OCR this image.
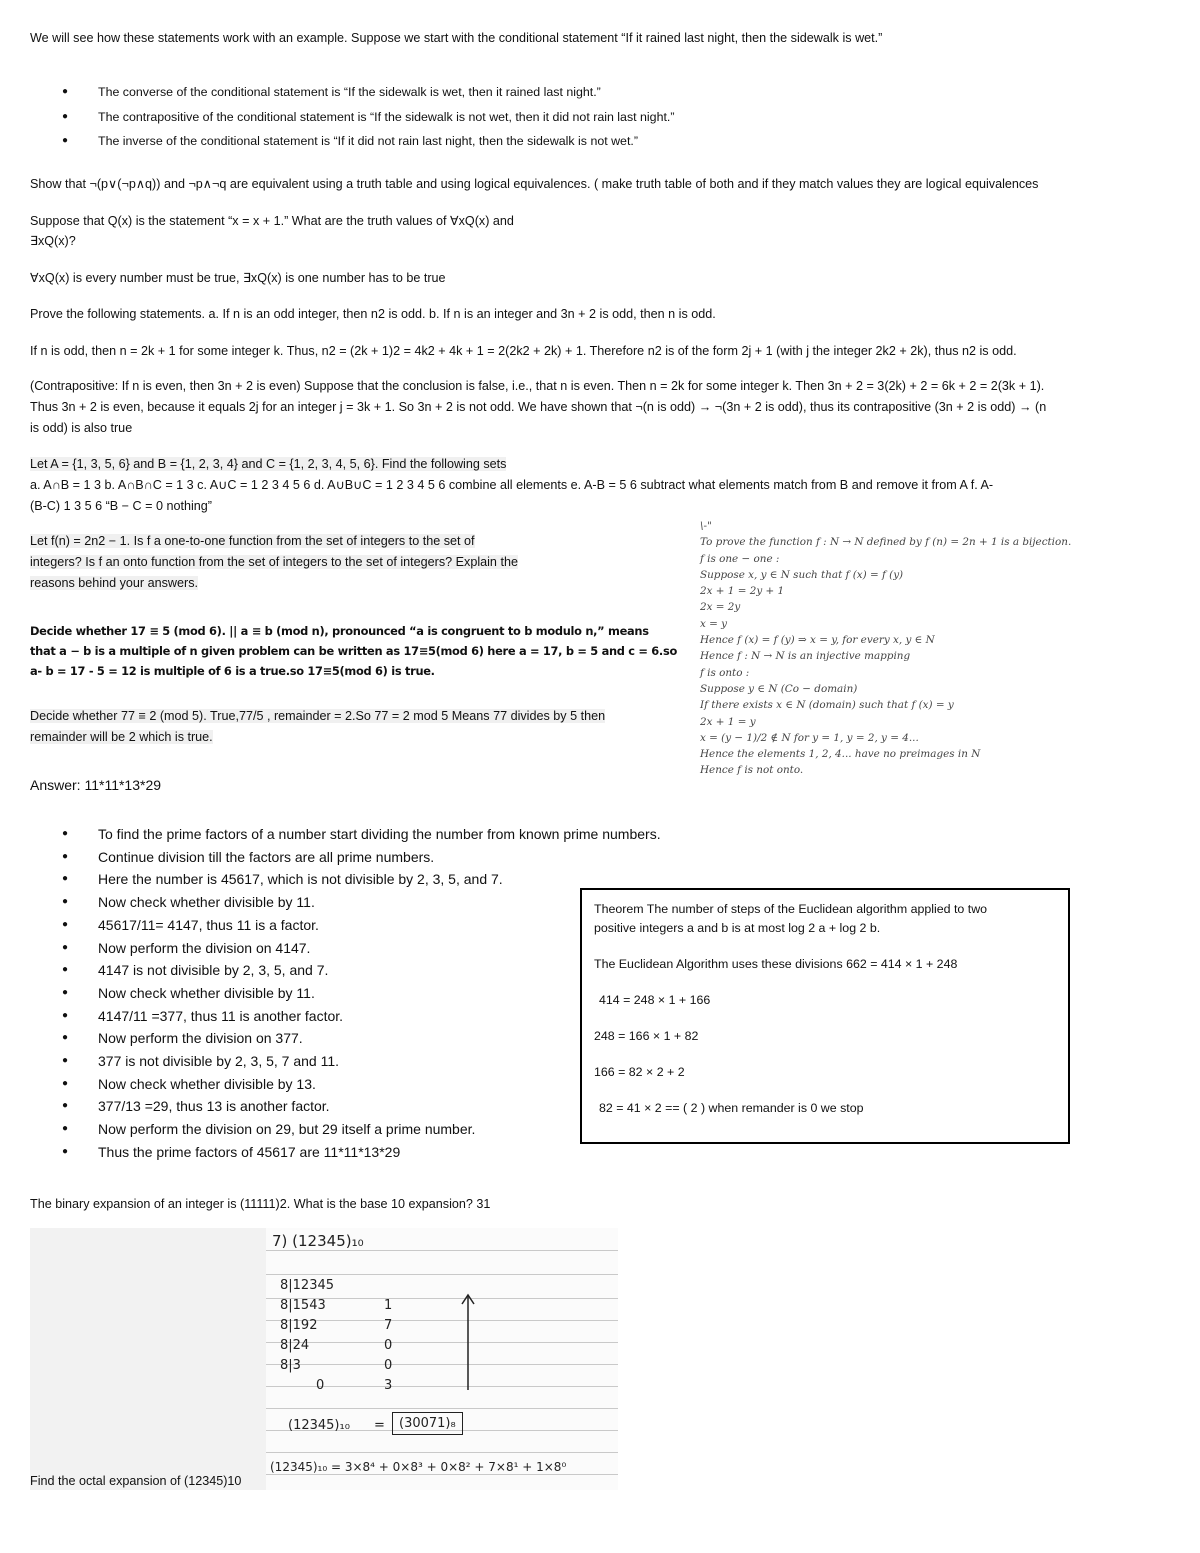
We will see how these statements work with an example. Suppose we start with the conditional statement “If it rained last night, then the sidewalk is wet.”
● The converse of the conditional statement is “If the sidewalk is wet, then it rained last night.”
● The contrapositive of the conditional statement is “If the sidewalk is not wet, then it did not rain last night.”
● The inverse of the conditional statement is “If it did not rain last night, then the sidewalk is not wet.”
Show that ¬(p∨(¬p∧q)) and ¬p∧¬q are equivalent using a truth table and using logical equivalences. ( make truth table of both and if they match values they are logical equivalences
Suppose that Q(x) is the statement “x = x + 1.” What are the truth values of ∀xQ(x) and
∃xQ(x)?
∀xQ(x) is every number must be true, ∃xQ(x) is one number has to be true
Prove the following statements. a. If n is an odd integer, then n2 is odd. b. If n is an integer and 3n + 2 is odd, then n is odd.
If n is odd, then n = 2k + 1 for some integer k. Thus, n2 = (2k + 1)2 = 4k2 + 4k + 1 = 2(2k2 + 2k) + 1. Therefore n2 is of the form 2j + 1 (with j the integer 2k2 + 2k), thus n2 is odd.
(Contrapositive: If n is even, then 3n + 2 is even) Suppose that the conclusion is false, i.e., that n is even. Then n = 2k for some integer k. Then 3n + 2 = 3(2k) + 2 = 6k + 2 = 2(3k + 1).
Thus 3n + 2 is even, because it equals 2j for an integer j = 3k + 1. So 3n + 2 is not odd. We have shown that ¬(n is odd) → ¬(3n + 2 is odd), thus its contrapositive (3n + 2 is odd) → (n
is odd) is also true
Let A = {1, 3, 5, 6} and B = {1, 2, 3, 4} and C = {1, 2, 3, 4, 5, 6}. Find the following sets
a. A∩B = 1 3 b. A∩B∩C = 1 3 c. A∪C = 1 2 3 4 5 6 d. A∪B∪C = 1 2 3 4 5 6 combine all elements e. A-B = 5 6 subtract what elements match from B and remove it from A f. A-
(B-C) 1 3 5 6 “B − C = 0 nothing”
Let f(n) = 2n2 − 1. Is f a one-to-one function from the set of integers to the set of
integers? Is f an onto function from the set of integers to the set of integers? Explain the
reasons behind your answers.
Decide whether 17 ≡ 5 (mod 6). || a ≡ b (mod n), pronounced “a is congruent to b modulo n,” means
that a − b is a multiple of n given problem can be written as 17≡5(mod 6) here a = 17, b = 5 and c = 6.so
a- b = 17 - 5 = 12 is multiple of 6 is a true.so 17≡5(mod 6) is true.
Decide whether 77 ≡ 2 (mod 5). True,77/5 , remainder = 2.So 77 = 2 mod 5 Means 77 divides by 5 then
remainder will be 2 which is true.
Answer: 11*11*13*29
\-"
To prove the function f : N → N defined by f (n) = 2n + 1 is a bijection.
f is one − one :
Suppose x, y ∈ N such that f (x) = f (y)
2x + 1 = 2y + 1
2x = 2y
x = y
Hence f (x) = f (y) ⇒ x = y, for every x, y ∈ N
Hence f : N → N is an injective mapping
f is onto :
Suppose y ∈ N (Co − domain)
If there exists x ∈ N (domain) such that f (x) = y
2x + 1 = y
x = (y − 1)/2 ∉ N for y = 1, y = 2, y = 4...
Hence the elements 1, 2, 4... have no preimages in N
Hence f is not onto.
● To find the prime factors of a number start dividing the number from known prime numbers.
● Continue division till the factors are all prime numbers.
● Here the number is 45617, which is not divisible by 2, 3, 5, and 7.
● Now check whether divisible by 11.
● 45617/11= 4147, thus 11 is a factor.
● Now perform the division on 4147.
● 4147 is not divisible by 2, 3, 5, and 7.
● Now check whether divisible by 11.
● 4147/11 =377, thus 11 is another factor.
● Now perform the division on 377.
● 377 is not divisible by 2, 3, 5, 7 and 11.
● Now check whether divisible by 13.
● 377/13 =29, thus 13 is another factor.
● Now perform the division on 29, but 29 itself a prime number.
● Thus the prime factors of 45617 are 11*11*13*29
Theorem The number of steps of the Euclidean algorithm applied to two
positive integers a and b is at most log 2 a + log 2 b.
The Euclidean Algorithm uses these divisions 662 = 414 × 1 + 248
414 = 248 × 1 + 166
248 = 166 × 1 + 82
166 = 82 × 2 + 2
82 = 41 × 2 == ( 2 ) when remander is 0 we stop
The binary expansion of an integer is (11111)2. What is the base 10 expansion? 31
7) (12345)₁₀
8|12345
8|1543
8|192
8|24
8|3
0
1
7
0
0
3
(12345)₁₀ =	(30071)₈
(12345)₁₀ = 3×8⁴ + 0×8³ + 0×8² + 7×8¹ + 1×8⁰
Find the octal expansion of (12345)10
